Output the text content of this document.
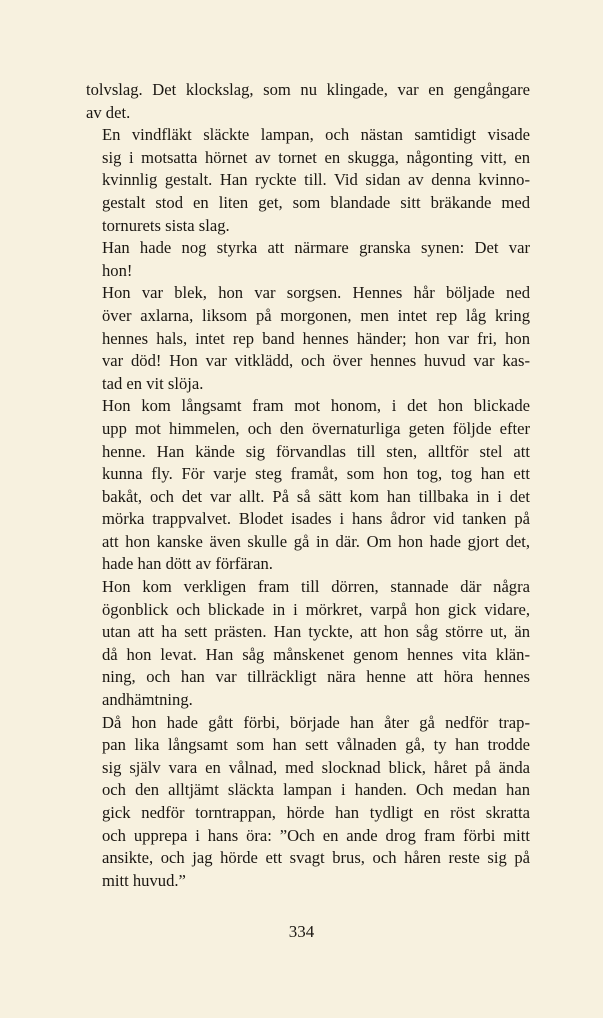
tolvslag. Det klockslag, som nu klingade, var en gengångare
av det.

En vindfläkt släckte lampan, och nästan samtidigt visade
sig i motsatta hörnet av tornet en skugga, någonting vitt, en
kvinnlig gestalt. Han ryckte till. Vid sidan av denna kvinno-
gestalt stod en liten get, som blandade sitt bräkande med
tornurets sista slag.

Han hade nog styrka att närmare granska synen: Det var
hon!

Hon var blek, hon var sorgsen. Hennes hår böljade ned
över axlarna, liksom på morgonen, men intet rep låg kring
hennes hals, intet rep band hennes händer; hon var fri, hon
var död! Hon var vitklädd, och över hennes huvud var kas-
tad en vit slöja.

Hon kom långsamt fram mot honom, i det hon blickade
upp mot himmelen, och den övernaturliga geten följde efter
henne. Han kände sig förvandlas till sten, alltför stel att
kunna fly. För varje steg framåt, som hon tog, tog han ett
bakåt, och det var allt. På så sätt kom han tillbaka in i det
mörka trappvalvet. Blodet isades i hans ådror vid tanken på
att hon kanske även skulle gå in där. Om hon hade gjort det,
hade han dött av förfäran.

Hon kom verkligen fram till dörren, stannade där några
ögonblick och blickade in i mörkret, varpå hon gick vidare,
utan att ha sett prästen. Han tyckte, att hon såg större ut, än
då hon levat. Han såg månskenet genom hennes vita klän-
ning, och han var tillräckligt nära henne att höra hennes
andhämtning.

Då hon hade gått förbi, började han åter gå nedför trap-
pan lika långsamt som han sett vålnaden gå, ty han trodde
sig själv vara en vålnad, med slocknad blick, håret på ända
och den alltjämt släckta lampan i handen. Och medan han
gick nedför torntrappan, hörde han tydligt en röst skratta
och upprepa i hans öra: ”Och en ande drog fram förbi mitt
ansikte, och jag hörde ett svagt brus, och håren reste sig på
mitt huvud.”

334
